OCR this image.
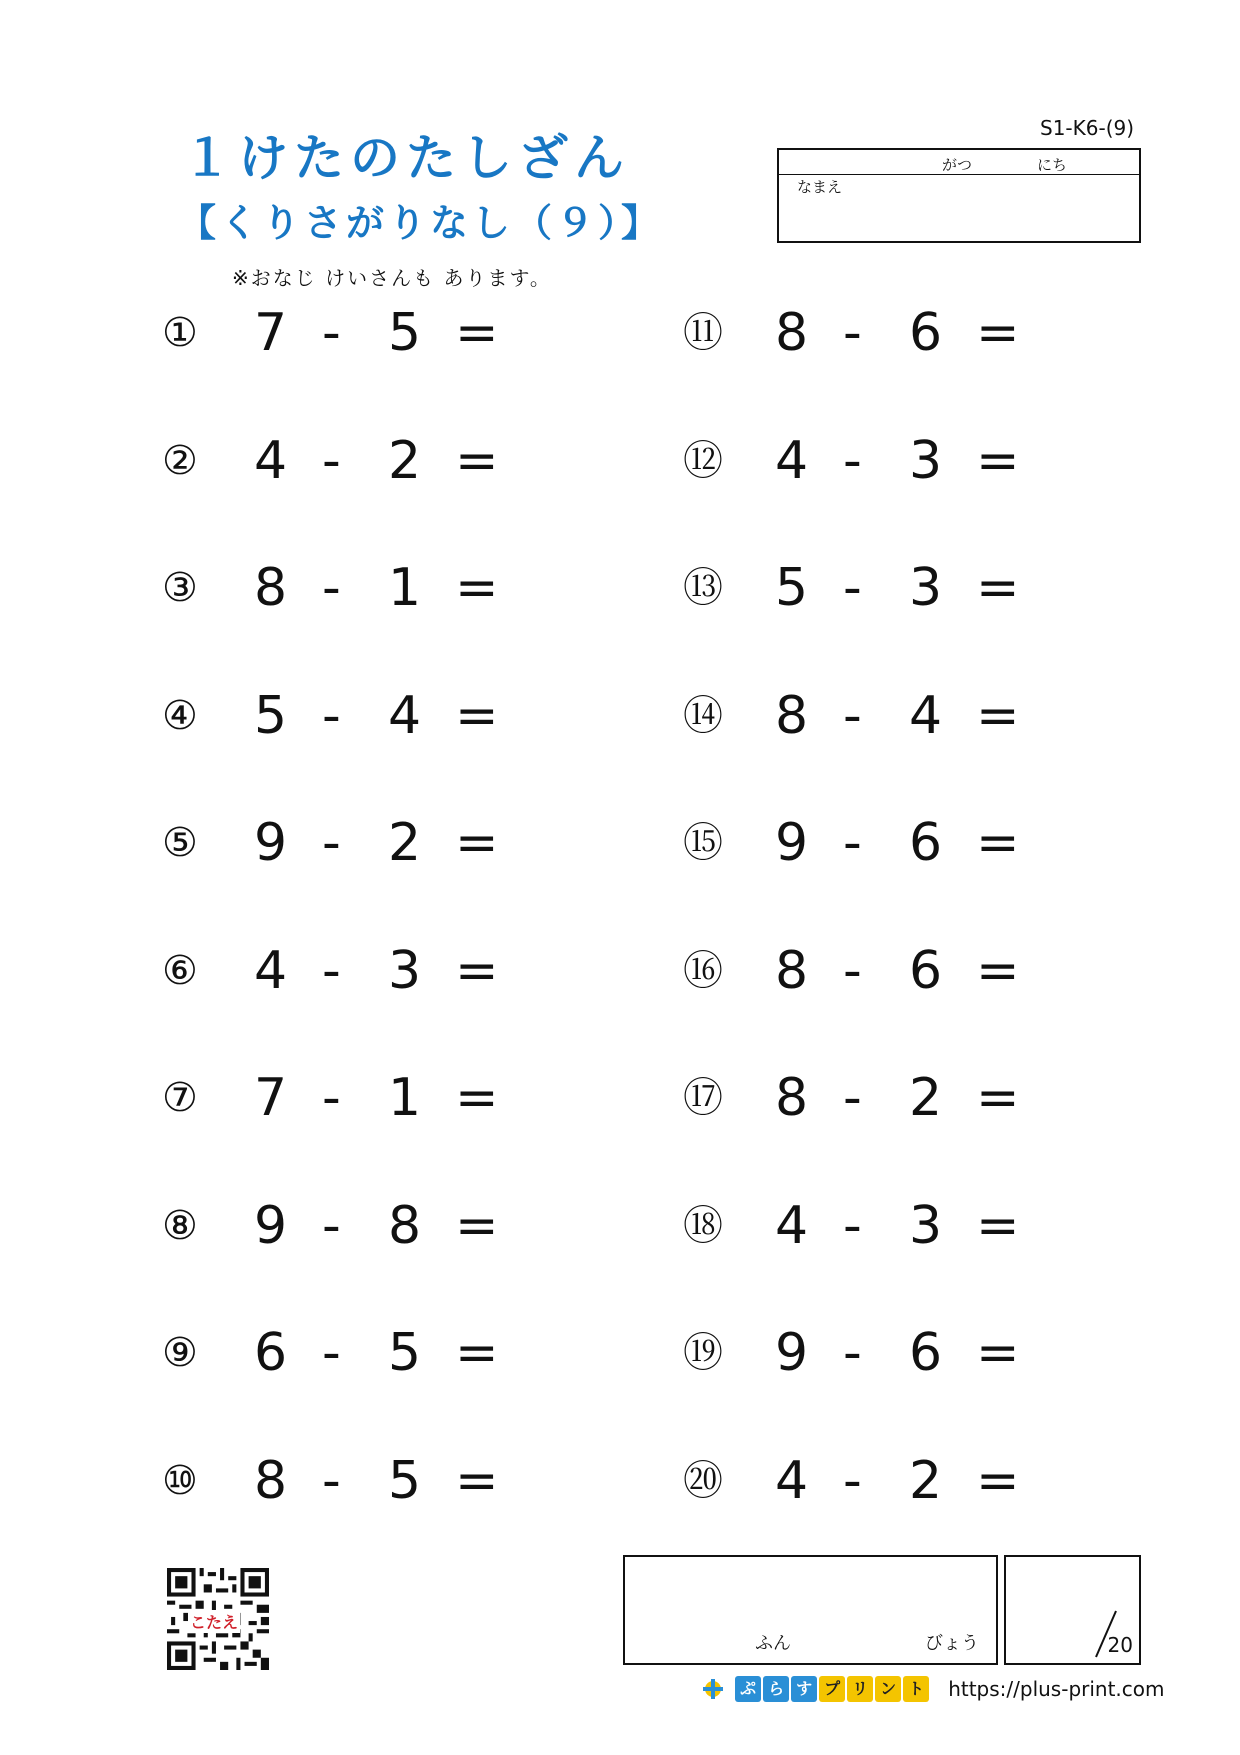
１けたのたしざん
【くりさがりなし（９）】
※おなじ けいさんも あります。
S1-K6-(9)
がつ	にち
なまえ
① 7 - 5 =
② 4 - 2 =
③ 8 - 1 =
④ 5 - 4 =
⑤ 9 - 2 =
⑥ 4 - 3 =
⑦ 7 - 1 =
⑧ 9 - 8 =
⑨ 6 - 5 =
⑩ 8 - 5 =
⑪ 8 - 6 =
⑫ 4 - 3 =
⑬ 5 - 3 =
⑭ 8 - 4 =
⑮ 9 - 6 =
⑯ 8 - 6 =
⑰ 8 - 2 =
⑱ 4 - 3 =
⑲ 9 - 6 =
⑳ 4 - 2 =
こたえ
ふん	びょう	20
ぷ ら す プ リ ン ト https://plus-print.com
